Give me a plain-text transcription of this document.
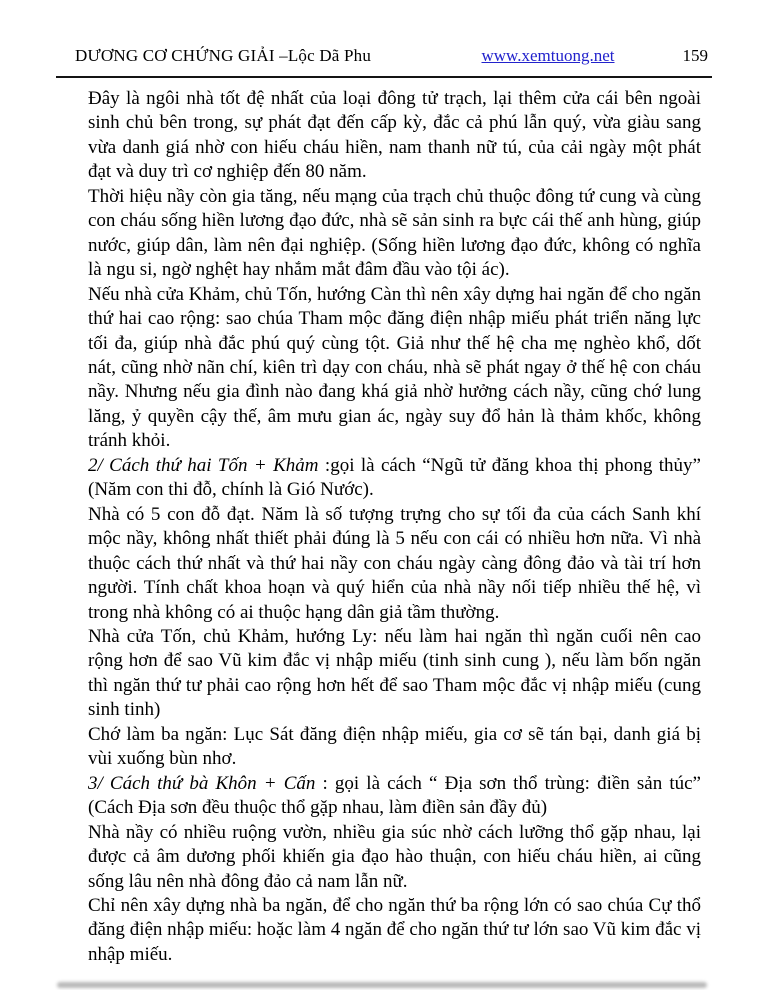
DƯƠNG CƠ CHỨNG GIẢI –Lộc Dã Phu	www.xemtuong.net	159

Đây là ngôi nhà tốt đệ nhất của loại đông tử trạch, lại thêm cửa cái bên ngoài sinh chủ bên trong, sự phát đạt đến cấp kỳ, đắc cả phú lẫn quý, vừa giàu sang vừa danh giá nhờ con hiếu cháu hiền, nam thanh nữ tú, của cải ngày một phát đạt và duy trì cơ nghiệp đến 80 năm.

Thời hiệu nầy còn gia tăng, nếu mạng của trạch chủ thuộc đông tứ cung và cùng con cháu sống hiền lương đạo đức, nhà sẽ sản sinh ra bực cái thế anh hùng, giúp nước, giúp dân, làm nên đại nghiệp. (Sống hiền lương đạo đức, không có nghĩa là ngu si, ngờ nghệt hay nhắm mắt đâm đầu vào tội ác).

Nếu nhà cửa Khảm, chủ Tốn, hướng Càn thì nên xây dựng hai ngăn để cho ngăn thứ hai cao rộng: sao chúa Tham mộc đăng điện nhập miếu phát triển năng lực tối đa, giúp nhà đắc phú quý cùng tột. Giả như thế hệ cha mẹ nghèo khổ, dốt nát, cũng nhờ nãn chí, kiên trì dạy con cháu, nhà sẽ phát ngay ở thế hệ con cháu nầy. Nhưng nếu gia đình nào đang khá giả nhờ hưởng cách nầy, cũng chớ lung lăng, ỷ quyền cậy thế, âm mưu gian ác, ngày suy đổ hản là thảm khốc, không tránh khỏi.

2/ Cách thứ hai Tốn + Khảm :gọi là cách “Ngũ tử đăng khoa thị phong thủy” (Năm con thi đỗ, chính là Gió Nước).

Nhà có 5 con đỗ đạt. Năm là số tượng trựng cho sự tối đa của cách Sanh khí mộc nầy, không nhất thiết phải đúng là 5 nếu con cái có nhiều hơn nữa. Vì nhà thuộc cách thứ nhất và thứ hai nầy con cháu ngày càng đông đảo và tài trí hơn người. Tính chất khoa hoạn và quý hiển của nhà nầy nối tiếp nhiều thế hệ, vì trong nhà không có ai thuộc hạng dân giả tầm thường.

Nhà cửa Tốn, chủ Khảm, hướng Ly: nếu làm hai ngăn thì ngăn cuối nên cao rộng hơn để sao Vũ kim đắc vị nhập miếu (tinh sinh cung ), nếu làm bốn ngăn thì ngăn thứ tư phải cao rộng hơn hết để sao Tham mộc đắc vị nhập miếu (cung sinh tinh)

Chớ làm ba ngăn: Lục Sát đăng điện nhập miếu, gia cơ sẽ tán bại, danh giá bị vùi xuống bùn nhơ.

3/ Cách thứ bà Khôn + Cấn : gọi là cách “ Địa sơn thổ trùng: điền sản túc” (Cách Địa sơn đều thuộc thổ gặp nhau, làm điền sản đầy đủ)

Nhà nầy có nhiều ruộng vườn, nhiều gia súc nhờ cách lưỡng thổ gặp nhau, lại được cả âm dương phối khiến gia đạo hào thuận, con hiếu cháu hiền, ai cũng sống lâu nên nhà đông đảo cả nam lẫn nữ.

Chỉ nên xây dựng nhà ba ngăn, để cho ngăn thứ ba rộng lớn có sao chúa Cự thổ đăng điện nhập miếu: hoặc làm 4 ngăn để cho ngăn thứ tư lớn sao Vũ kim đắc vị nhập miếu.
